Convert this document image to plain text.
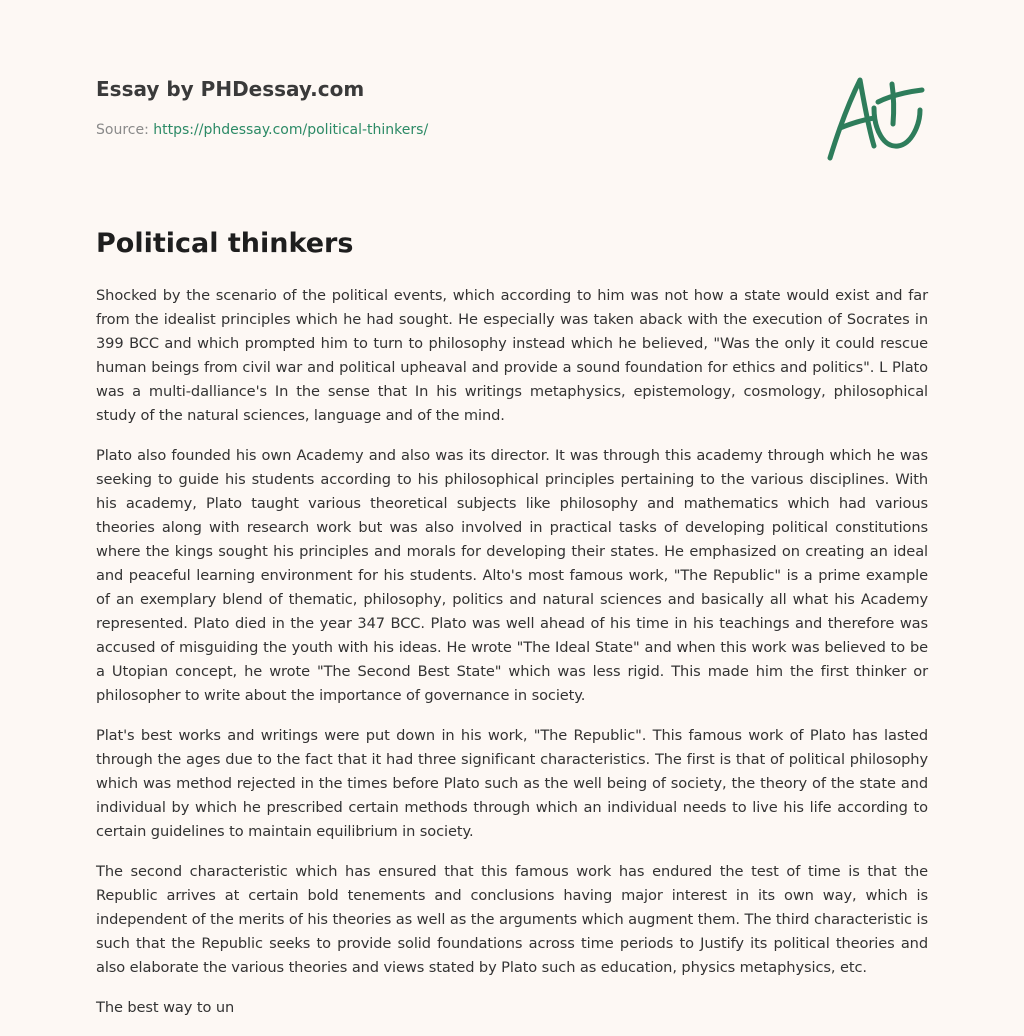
Essay by PHDessay.com
Source: https://phdessay.com/political-thinkers/
Political thinkers

Shocked by the scenario of the political events, which according to him was not how a state would exist and far from the idealist principles which he had sought. He especially was taken aback with the execution of Socrates in 399 BCC and which prompted him to turn to philosophy instead which he believed, "Was the only it could rescue human beings from civil war and political upheaval and provide a sound foundation for ethics and politics". L Plato was a multi-dalliance's In the sense that In his writings metaphysics, epistemology, cosmology, philosophical study of the natural sciences, language and of the mind.

Plato also founded his own Academy and also was its director. It was through this academy through which he was seeking to guide his students according to his philosophical principles pertaining to the various disciplines. With his academy, Plato taught various theoretical subjects like philosophy and mathematics which had various theories along with research work but was also involved in practical tasks of developing political constitutions where the kings sought his principles and morals for developing their states. He emphasized on creating an ideal and peaceful learning environment for his students. Alto's most famous work, "The Republic" is a prime example of an exemplary blend of thematic, philosophy, politics and natural sciences and basically all what his Academy represented. Plato died in the year 347 BCC. Plato was well ahead of his time in his teachings and therefore was accused of misguiding the youth with his ideas. He wrote "The Ideal State" and when this work was believed to be a Utopian concept, he wrote "The Second Best State" which was less rigid. This made him the first thinker or philosopher to write about the importance of governance in society.

Plat's best works and writings were put down in his work, "The Republic". This famous work of Plato has lasted through the ages due to the fact that it had three significant characteristics. The first is that of political philosophy which was method rejected in the times before Plato such as the well being of society, the theory of the state and individual by which he prescribed certain methods through which an individual needs to live his life according to certain guidelines to maintain equilibrium in society.

The second characteristic which has ensured that this famous work has endured the test of time is that the Republic arrives at certain bold tenements and conclusions having major interest in its own way, which is independent of the merits of his theories as well as the arguments which augment them. The third characteristic is such that the Republic seeks to provide solid foundations across time periods to Justify its political theories and also elaborate the various theories and views stated by Plato such as education, physics metaphysics, etc.

The best way to un
